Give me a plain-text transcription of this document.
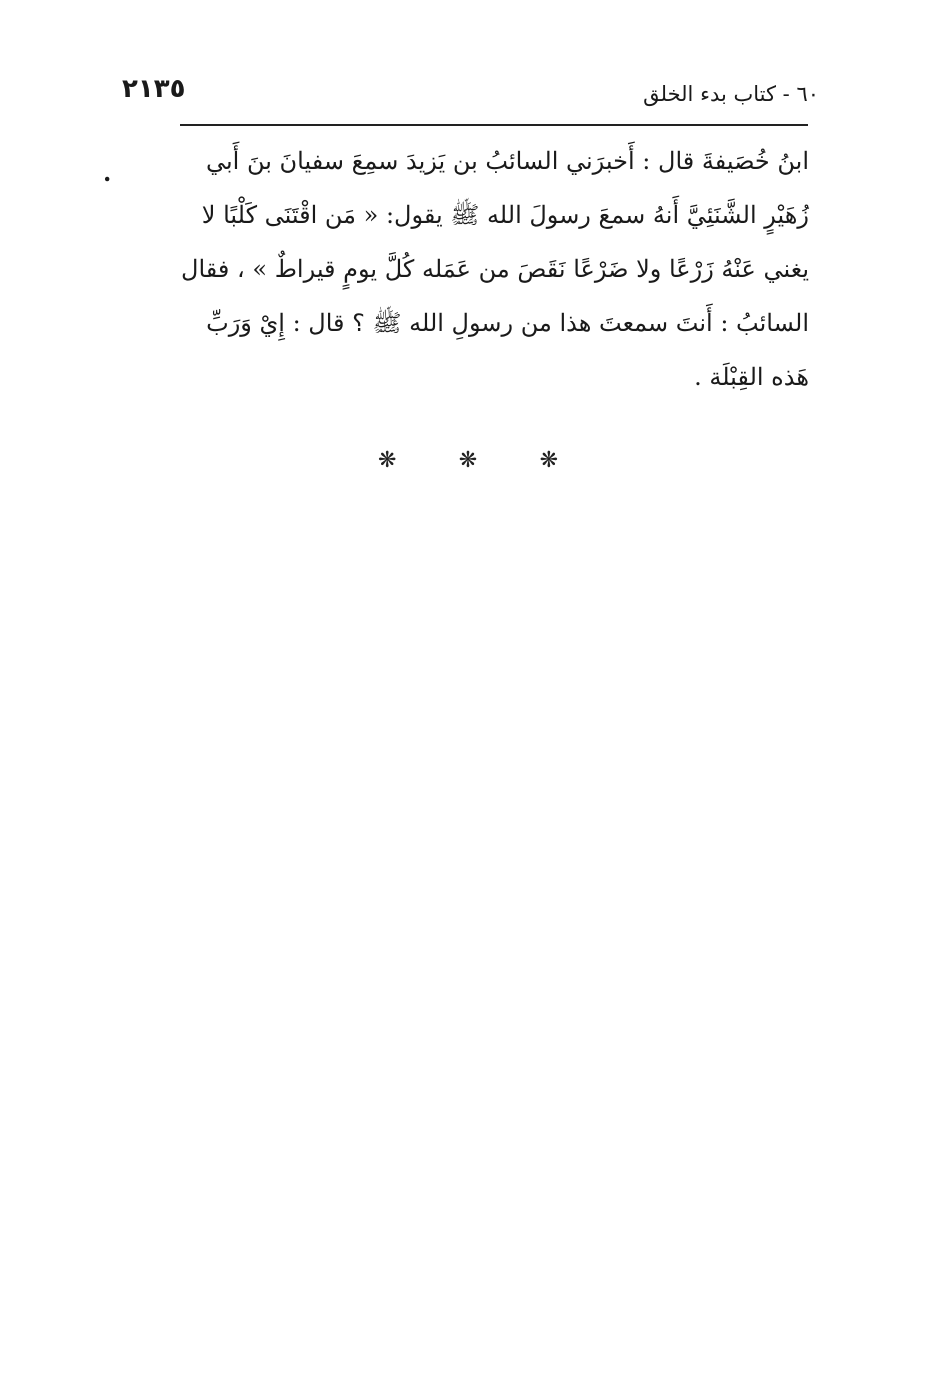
٢١٣٥	٦٠ - كتاب بدء الخلق
.	ابنُ خُصَيفةَ قال : أَخبرَني السائبُ بن يَزيدَ سمِعَ سفيانَ بنَ أَبي
زُهَيْرٍ الشَّنَئِيَّ أَنهُ سمعَ رسولَ الله ﷺ يقول: « مَن اقْتَنَى كَلْبًا لا
يغني عَنْهُ زَرْعًا ولا ضَرْعًا نَقَصَ من عَمَله كُلَّ يومٍ قيراطٌ » ، فقال
السائبُ : أَنتَ سمعتَ هذا من رسولِ الله ﷺ ؟ قال : إِيْ وَرَبِّ
هَذه القِبْلَة .
❋	❋	❋
